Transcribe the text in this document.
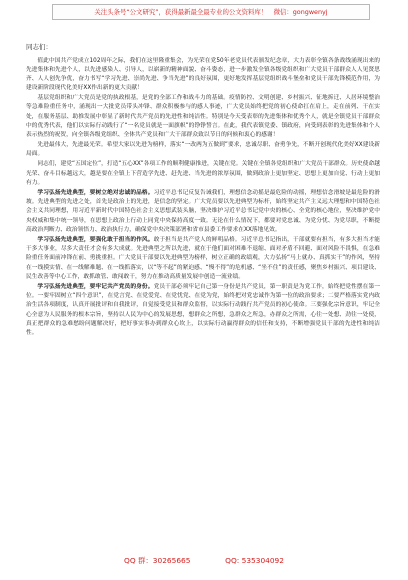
关注头条号“公文研究”，获得最新最全最专业的公文资料库！　微信：gongwenyj
同志们：
值此中国共产党成立102周年之际，我们在这里隆重集会，为光荣在党50年老党员代表颁发纪念章，大力表彰全镇各条战线涌现出来的先进集体和先进个人，以先进感染人、引导人，以崭新的精神面貌、奋斗姿态，进一步激发全镇各级党组织和广大党员干部群众人人见贤思齐、人人创先争优，奋力书写“学习先进、崇尚先进、争当先进”的良好氛围，更好地发挥基层党组织战斗堡垒和党员干部先锋模范作用，为建设新阶段现代化美好XX作出新的更大贡献！
基层党组织和广大党员是党的执政根基，是党的全部工作和战斗力的基础。疫情防控、文明创建、乡村振兴、征地拆迁、人居环境整治等急难险重任务中，涌现出一大批党员带头冲锋、群众积极参与的感人事迹，广大党员始终把党的初心使命扛在肩上，走在前列、干在实处，在服务基层、助推发展中彰显了新时代共产党员的先进性和纯洁性。特别是今天受表彰的先进集体和优秀个人，就是全镇党员干部群众中的优秀代表，他们以实际行动践行了“一名党员就是一面旗帜”的铮铮誓言。在此，我代表镇党委、镇政府，向受到表彰的先进集体和个人表示热烈的祝贺，向全镇各级党组织、全体共产党员和广大干部群众致以节日的问候和衷心的感谢！
先进最伟大，先进最光荣。希望大家以先进为榜样，落实“一改两为五做到”要求，忠诚尽职、奋勇争先，不断开创现代化美好XX建设新局面。
同志们，建党“五国定位”，打造“五心XX”各项工作的顺利健康推进，关键在党。关键在全镇各党组织和广大党员干部群众。历史使命越光荣、奋斗目标越远大，越是要在全镇上下营造学先进、赶先进、当先进的浓厚氛围，做到政治上更加坚定、思想上更加自觉、行动上更加有力。
学习弘扬先进典型，要树立绝对忠诚的品格。习近平总书记反复告诫我们，理想信念动摇是最危险的动摇，理想信念滑坡是最危险的滑坡。先进典型的先进之处，首先是政治上的先进，是信念的坚定。广大党员要以先进典型为标杆，始终坚定共产主义远大理想和中国特色社会主义共同理想，用习近平新时代中国特色社会主义思想武装头脑，坚决维护习近平总书记党中央的核心、全党的核心地位，坚决维护党中央权威和集中统一领导，在思想上政治上行动上同党中央保持高度一致。无论在什么情况下，都要对党忠诚、为党分忧、为党尽职，不断提高政治判断力、政治领悟力、政治执行力，确保党中央决策部署和省市县委工作要求在XX落地见效。
学习弘扬先进典型，要强化敢于担当的作风。敢于担当是共产党人的鲜明品格。习近平总书记指出，干部就要有担当，有多大担当才能干多大事业，尽多大责任才会有多大成就。先进典型之所以先进，就在于他们面对困难不退缩、面对矛盾不回避、面对风险不畏惧，在急难险重任务面前冲锋在前、勇挑重担。广大党员干部要以先进典型为榜样，树立正确的政绩观，大力弘扬“马上就办、真抓实干”的作风，坚持在一线摸实情、在一线解难题、在一线抓落实，以“等不起”的紧迫感、“慢不得”的危机感、“坐不住”的责任感，聚焦乡村振兴、项目建设、民生改善等中心工作，敢抓敢管、敢闯敢干，努力在推动高质量发展中创造一流业绩。
学习弘扬先进典型，要牢记共产党员的身份。党员干部必须牢记自己第一身份是共产党员，第一职责是为党工作，始终把党性摆在第一位。一要牢固树立“四个意识”，在党言党、在党爱党、在党忧党、在党为党，始终把对党忠诚作为第一位的政治要求；二要严格落实党内政治生活各项制度，认真开展批评和自我批评，自觉接受党员和群众监督，以实际行动践行共产党员的初心使命。三要强化宗旨意识，牢记全心全意为人民服务的根本宗旨，坚持以人民为中心的发展思想，想群众之所想，急群众之所急，办群众之所需，心往一处想、劲往一处使，真正把群众的急难愁盼问题解决好，把好事实事办到群众心坎上，以实际行动赢得群众的信任和支持，不断增强党员干部的先进性和纯洁性。
QQ 群：30265665	QQ: 535304092
